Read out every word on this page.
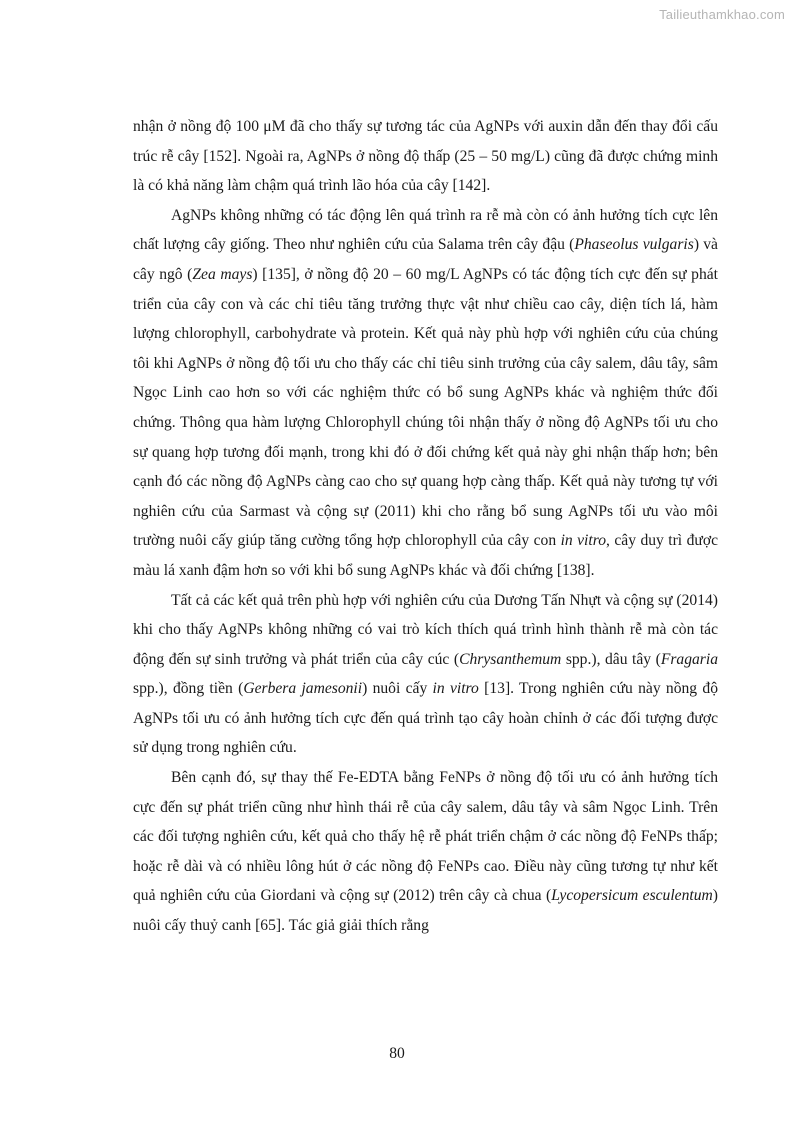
Tailieuthamkhao.com

nhận ở nồng độ 100 μM đã cho thấy sự tương tác của AgNPs với auxin dẫn đến thay đổi cấu trúc rễ cây [152]. Ngoài ra, AgNPs ở nồng độ thấp (25 – 50 mg/L) cũng đã được chứng minh là có khả năng làm chậm quá trình lão hóa của cây [142].

AgNPs không những có tác động lên quá trình ra rễ mà còn có ảnh hưởng tích cực lên chất lượng cây giống. Theo như nghiên cứu của Salama trên cây đậu (Phaseolus vulgaris) và cây ngô (Zea mays) [135], ở nồng độ 20 – 60 mg/L AgNPs có tác động tích cực đến sự phát triển của cây con và các chỉ tiêu tăng trưởng thực vật như chiều cao cây, diện tích lá, hàm lượng chlorophyll, carbohydrate và protein. Kết quả này phù hợp với nghiên cứu của chúng tôi khi AgNPs ở nồng độ tối ưu cho thấy các chỉ tiêu sinh trưởng của cây salem, dâu tây, sâm Ngọc Linh cao hơn so với các nghiệm thức có bổ sung AgNPs khác và nghiệm thức đối chứng. Thông qua hàm lượng Chlorophyll chúng tôi nhận thấy ở nồng độ AgNPs tối ưu cho sự quang hợp tương đối mạnh, trong khi đó ở đối chứng kết quả này ghi nhận thấp hơn; bên cạnh đó các nồng độ AgNPs càng cao cho sự quang hợp càng thấp. Kết quả này tương tự với nghiên cứu của Sarmast và cộng sự (2011) khi cho rằng bổ sung AgNPs tối ưu vào môi trường nuôi cấy giúp tăng cường tổng hợp chlorophyll của cây con in vitro, cây duy trì được màu lá xanh đậm hơn so với khi bổ sung AgNPs khác và đối chứng [138].

Tất cả các kết quả trên phù hợp với nghiên cứu của Dương Tấn Nhựt và cộng sự (2014) khi cho thấy AgNPs không những có vai trò kích thích quá trình hình thành rễ mà còn tác động đến sự sinh trưởng và phát triển của cây cúc (Chrysanthemum spp.), dâu tây (Fragaria spp.), đồng tiền (Gerbera jamesonii) nuôi cấy in vitro [13]. Trong nghiên cứu này nồng độ AgNPs tối ưu có ảnh hưởng tích cực đến quá trình tạo cây hoàn chỉnh ở các đối tượng được sử dụng trong nghiên cứu.

Bên cạnh đó, sự thay thế Fe-EDTA bằng FeNPs ở nồng độ tối ưu có ảnh hưởng tích cực đến sự phát triển cũng như hình thái rễ của cây salem, dâu tây và sâm Ngọc Linh. Trên các đối tượng nghiên cứu, kết quả cho thấy hệ rễ phát triển chậm ở các nồng độ FeNPs thấp; hoặc rễ dài và có nhiều lông hút ở các nồng độ FeNPs cao. Điều này cũng tương tự như kết quả nghiên cứu của Giordani và cộng sự (2012) trên cây cà chua (Lycopersicum esculentum) nuôi cấy thuỷ canh [65]. Tác giả giải thích rằng

80
